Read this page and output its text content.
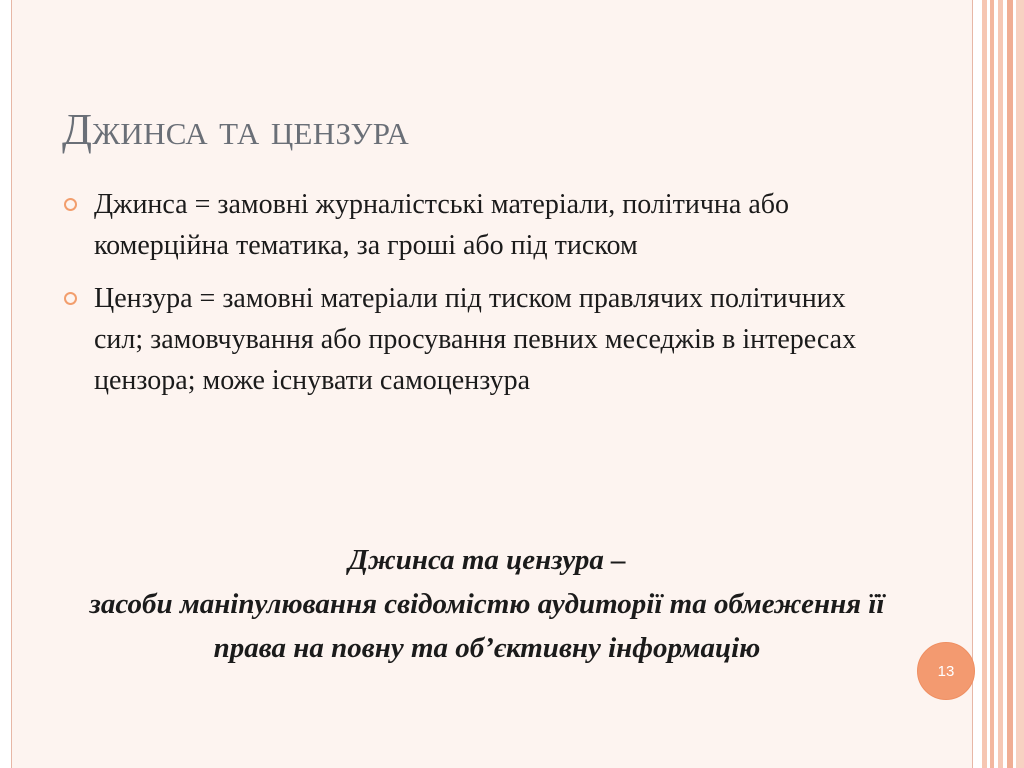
Джинса та цензура
Джинса = замовні журналістські матеріали, політична або комерційна тематика, за гроші або під тиском
Цензура = замовні матеріали під тиском правлячих політичних сил; замовчування або просування певних меседжів в інтересах цензора; може існувати самоцензура

Джинса та цензура –

засоби маніпулювання свідомістю аудиторії та обмеження її права на повну та об’єктивну інформацію

13
